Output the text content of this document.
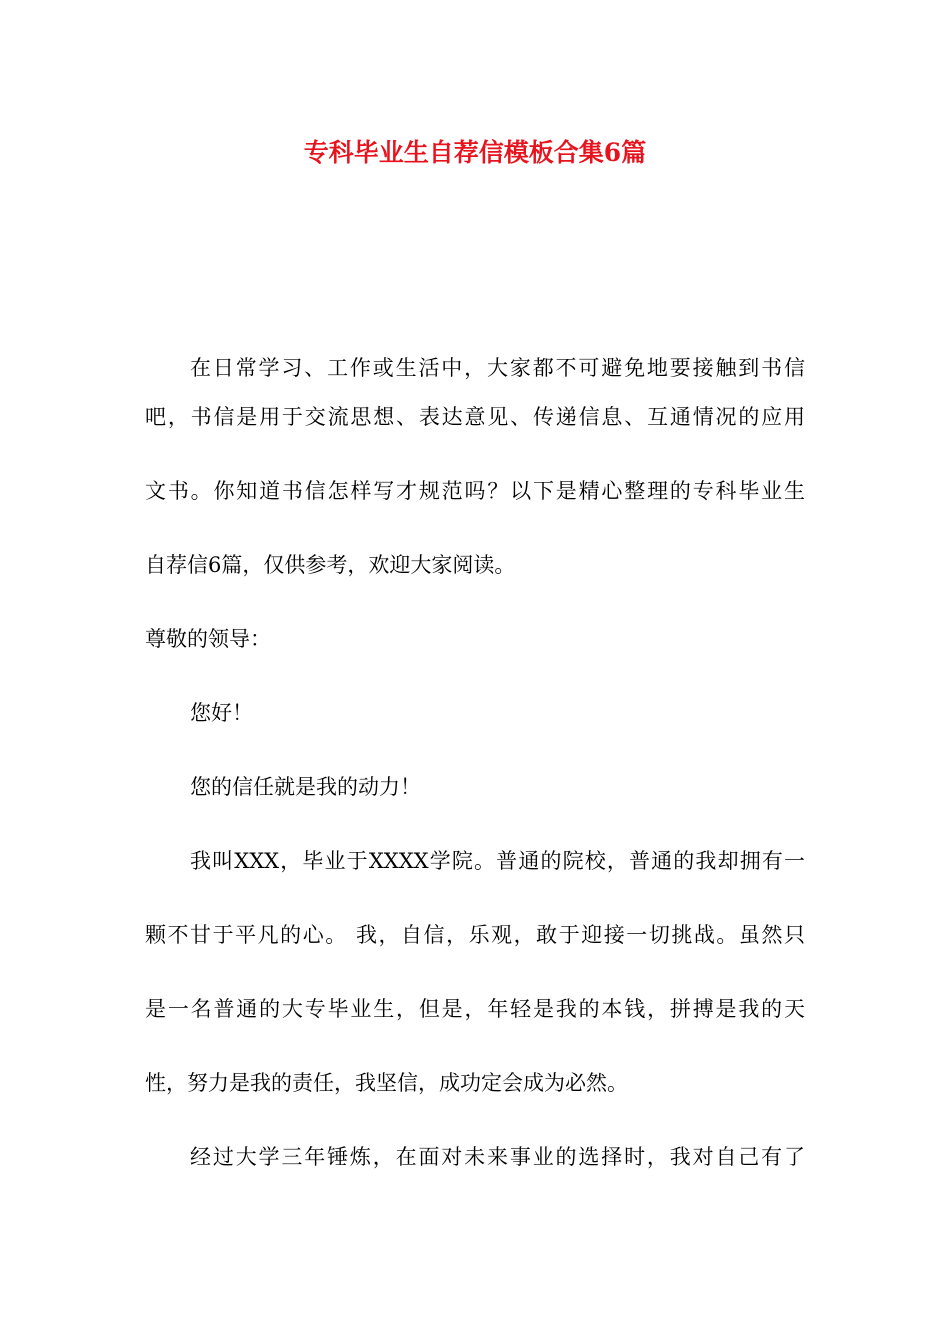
专科毕业生自荐信模板合集6篇

在日常学习、工作或生活中，大家都不可避免地要接触到书信

吧，书信是用于交流思想、表达意见、传递信息、互通情况的应用

文书。你知道书信怎样写才规范吗？以下是精心整理的专科毕业生

自荐信6篇，仅供参考，欢迎大家阅读。

尊敬的领导：

您好！

您的信任就是我的动力！

我叫XXX，毕业于XXXX学院。普通的院校，普通的我却拥有一

颗不甘于平凡的心。 我，自信，乐观，敢于迎接一切挑战。虽然只

是一名普通的大专毕业生，但是，年轻是我的本钱，拼搏是我的天

性，努力是我的责任，我坚信，成功定会成为必然。

经过大学三年锤炼，在面对未来事业的选择时，我对自己有了
